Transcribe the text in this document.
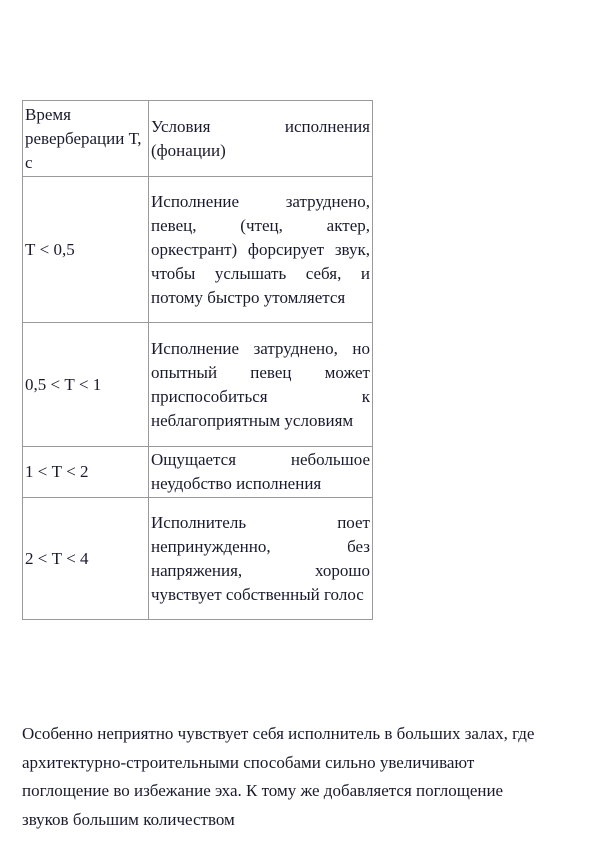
Время реверберации Т, с	Условия исполнения (фонации)

Т < 0,5	Исполнение затруднено, певец, (чтец, актер, оркестрант) форсирует звук, чтобы услышать себя, и потому быстро утомляется

0,5 < Т < 1	Исполнение затруднено, но опытный певец может приспособиться к неблагоприятным условиям

1 < Т < 2	Ощущается небольшое неудобство исполнения

2 < Т < 4	Исполнитель поет непринужденно, без напряжения, хорошо чувствует собственный голос

Особенно неприятно чувствует себя исполнитель в больших залах, где архитектурно-строительными способами сильно увеличивают поглощение во избежание эха. К тому же добавляется поглощение звуков большим количеством
